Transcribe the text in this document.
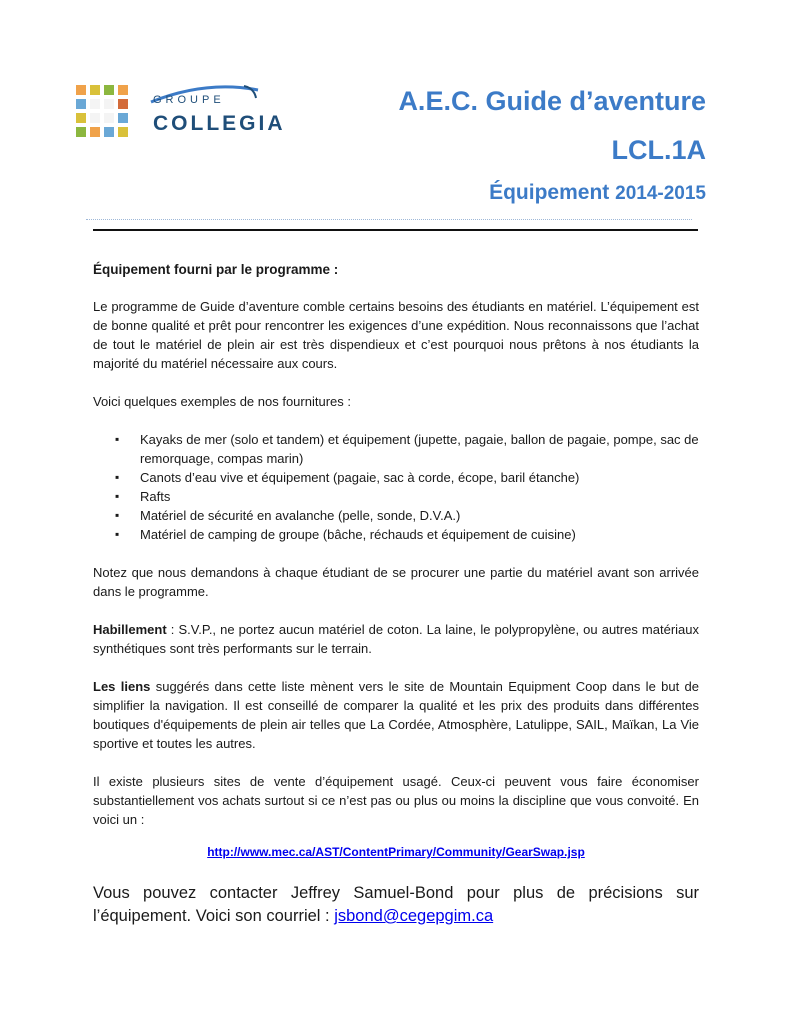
GROUPE
COLLEGIA
A.E.C. Guide d’aventure
LCL.1A
Équipement 2014-2015

Équipement fourni par le programme :

Le programme de Guide d’aventure comble certains besoins des étudiants en matériel. L’équipement est de bonne qualité et prêt pour rencontrer les exigences d’une expédition. Nous reconnaissons que l’achat de tout le matériel de plein air est très dispendieux et c’est pourquoi nous prêtons à nos étudiants la majorité du matériel nécessaire aux cours.

Voici quelques exemples de nos fournitures :

▪ Kayaks de mer (solo et tandem) et équipement (jupette, pagaie, ballon de pagaie, pompe, sac de remorquage, compas marin)
▪ Canots d’eau vive et équipement (pagaie, sac à corde, écope, baril étanche)
▪ Rafts
▪ Matériel de sécurité en avalanche (pelle, sonde, D.V.A.)
▪ Matériel de camping de groupe (bâche, réchauds et équipement de cuisine)

Notez que nous demandons à chaque étudiant de se procurer une partie du matériel avant son arrivée dans le programme.

Habillement : S.V.P., ne portez aucun matériel de coton. La laine, le polypropylène, ou autres matériaux synthétiques sont très performants sur le terrain.

Les liens suggérés dans cette liste mènent vers le site de Mountain Equipment Coop dans le but de simplifier la navigation. Il est conseillé de comparer la qualité et les prix des produits dans différentes boutiques d'équipements de plein air telles que La Cordée, Atmosphère, Latulippe, SAIL, Maïkan, La Vie sportive et toutes les autres.

Il existe plusieurs sites de vente d’équipement usagé. Ceux-ci peuvent vous faire économiser substantiellement vos achats surtout si ce n’est pas ou plus ou moins la discipline que vous convoité. En voici un :

http://www.mec.ca/AST/ContentPrimary/Community/GearSwap.jsp

Vous pouvez contacter Jeffrey Samuel-Bond pour plus de précisions sur l’équipement. Voici son courriel : jsbond@cegepgim.ca
